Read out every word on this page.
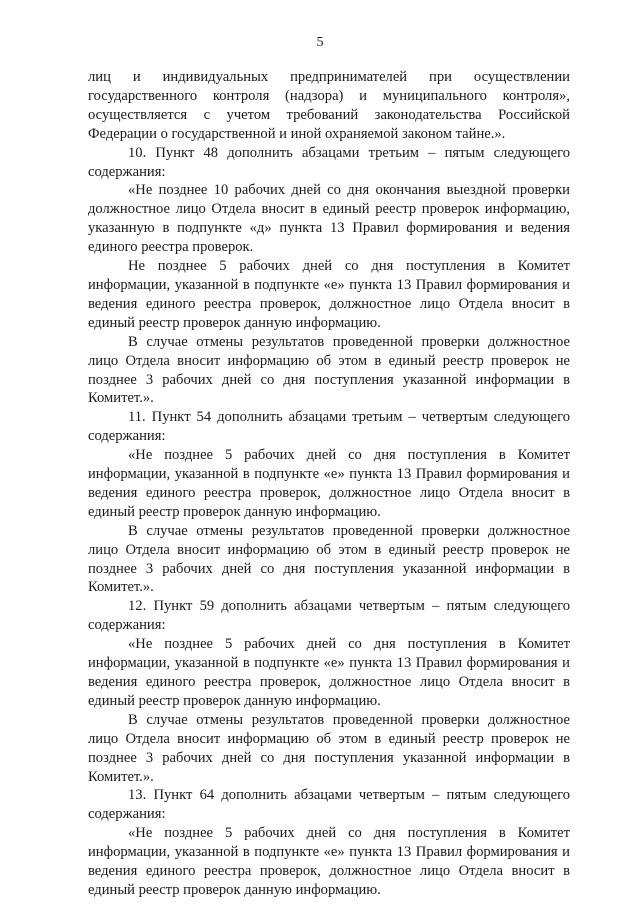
5

лиц и индивидуальных предпринимателей при осуществлении государственного контроля (надзора) и муниципального контроля», осуществляется с учетом требований законодательства Российской Федерации о государственной и иной охраняемой законом тайне.».

10. Пункт 48 дополнить абзацами третьим – пятым следующего содержания:

«Не позднее 10 рабочих дней со дня окончания выездной проверки должностное лицо Отдела вносит в единый реестр проверок информацию, указанную в подпункте «д» пункта 13 Правил формирования и ведения единого реестра проверок.

Не позднее 5 рабочих дней со дня поступления в Комитет информации, указанной в подпункте «е» пункта 13 Правил формирования и ведения единого реестра проверок, должностное лицо Отдела вносит в единый реестр проверок данную информацию.

В случае отмены результатов проведенной проверки должностное лицо Отдела вносит информацию об этом в единый реестр проверок не позднее 3 рабочих дней со дня поступления указанной информации в Комитет.».

11. Пункт 54 дополнить абзацами третьим – четвертым следующего содержания:

«Не позднее 5 рабочих дней со дня поступления в Комитет информации, указанной в подпункте «е» пункта 13 Правил формирования и ведения единого реестра проверок, должностное лицо Отдела вносит в единый реестр проверок данную информацию.

В случае отмены результатов проведенной проверки должностное лицо Отдела вносит информацию об этом в единый реестр проверок не позднее 3 рабочих дней со дня поступления указанной информации в Комитет.».

12. Пункт 59 дополнить абзацами четвертым – пятым следующего содержания:

«Не позднее 5 рабочих дней со дня поступления в Комитет информации, указанной в подпункте «е» пункта 13 Правил формирования и ведения единого реестра проверок, должностное лицо Отдела вносит в единый реестр проверок данную информацию.

В случае отмены результатов проведенной проверки должностное лицо Отдела вносит информацию об этом в единый реестр проверок не позднее 3 рабочих дней со дня поступления указанной информации в Комитет.».

13. Пункт 64 дополнить абзацами четвертым – пятым следующего содержания:

«Не позднее 5 рабочих дней со дня поступления в Комитет информации, указанной в подпункте «е» пункта 13 Правил формирования и ведения единого реестра проверок, должностное лицо Отдела вносит в единый реестр проверок данную информацию.
